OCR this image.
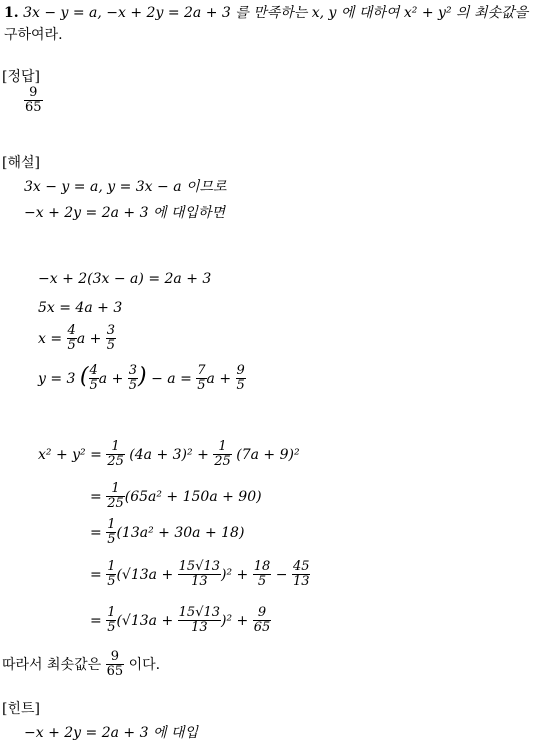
1. 3x − y = a, −x + 2y = 2a + 3 를 만족하는 x, y 에 대하여 x² + y² 의 최솟값을
구하여라.
[정답]
$\frac{9}{65}$
[해설]
3x − y = a, y = 3x − a 이므로
−x + 2y = 2a + 3 에 대입하면
−x + 2(3x − a) = 2a + 3
5x = 4a + 3
$x = \frac{4}{5}$ $a + \frac{3}{5}$
y = 3 ( $\frac{4}{5}$ $a + \frac{3}{5}$ ) − $a = \frac{7}{5}$ $a + \frac{9}{5}$
$x^2 + y^2 = \frac{1}{25} (4a + 3)^2 + \frac{1}{25} (7a + 9)^2$
= $\frac{1}{25} (65a^2 + 150a + 90)$
= $\frac{1}{5} (13a^2 + 30a + 18)$
= $\frac{1}{5} (√13a + \frac{15√13}{13} )^2 + \frac{18}{5} - \frac{45}{13}$
= $\frac{1}{5} (√13a + \frac{15√13}{13} )^2 + \frac{9}{65}$
따라서 최솟값은 $\frac{9}{65}$ 이다.
[힌트]
−x + 2y = 2a + 3 에 대입
